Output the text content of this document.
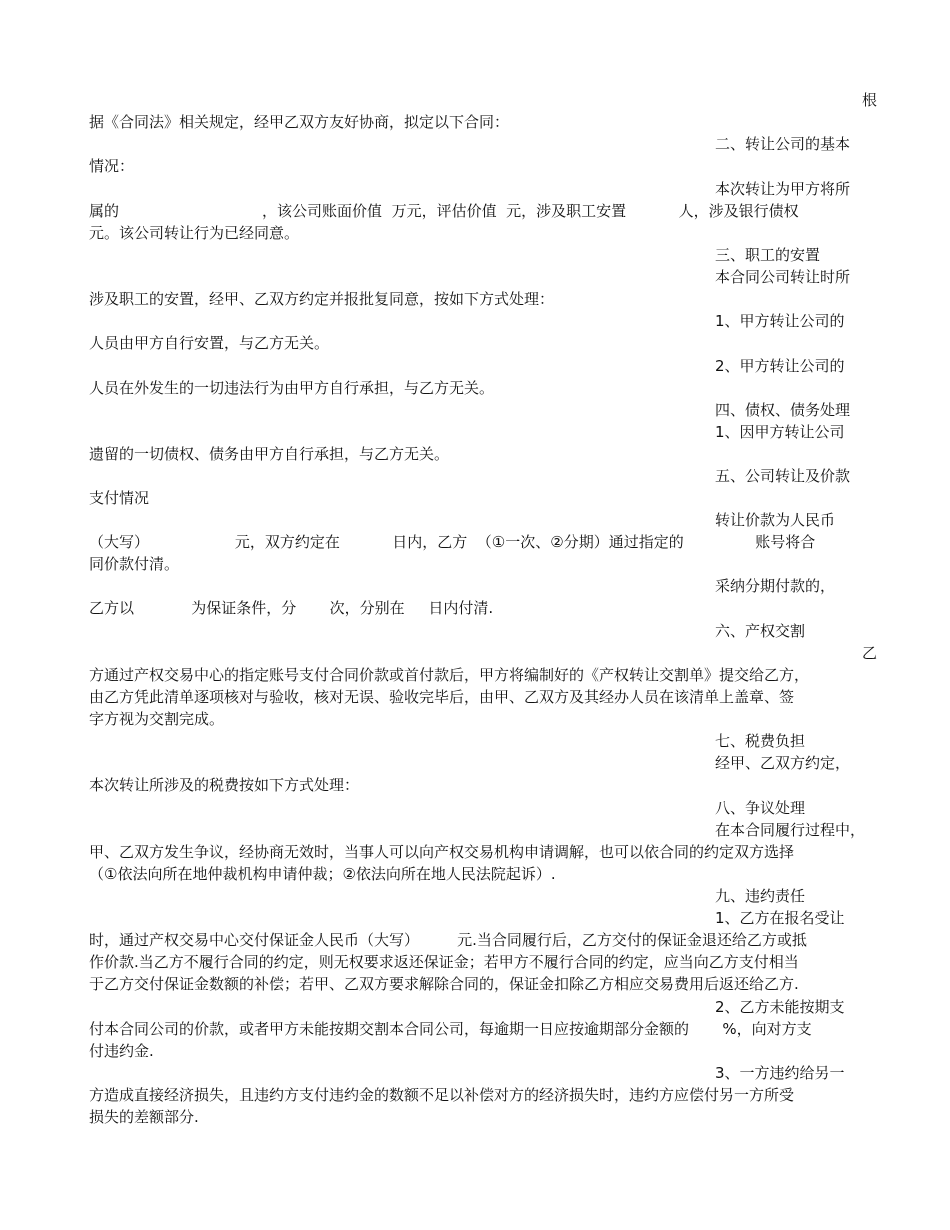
根
据《合同法》相关规定，经甲乙双方友好协商，拟定以下合同：
二、转让公司的基本
情况：
本次转让为甲方将所
属的                              ，该公司账面价值  万元，评估价值  元，涉及职工安置           人，涉及银行债权
元。该公司转让行为已经同意。
三、职工的安置
本合同公司转让时所
涉及职工的安置，经甲、乙双方约定并报批复同意，按如下方式处理：
1、甲方转让公司的
人员由甲方自行安置，与乙方无关。
2、甲方转让公司的
人员在外发生的一切违法行为由甲方自行承担，与乙方无关。
四、债权、债务处理
1、因甲方转让公司
遗留的一切债权、债务由甲方自行承担，与乙方无关。
五、公司转让及价款
支付情况
转让价款为人民币
（大写）                  元，双方约定在           日内，乙方  （①一次、②分期）通过指定的               账号将合
同价款付清。
采纳分期付款的，
乙方以            为保证条件，分       次，分别在     日内付清.
六、产权交割
乙
方通过产权交易中心的指定账号支付合同价款或首付款后，甲方将编制好的《产权转让交割单》提交给乙方，
由乙方凭此清单逐项核对与验收，核对无误、验收完毕后，由甲、乙双方及其经办人员在该清单上盖章、签
字方视为交割完成。
七、税费负担
经甲、乙双方约定，
本次转让所涉及的税费按如下方式处理：
八、争议处理
在本合同履行过程中，
甲、乙双方发生争议，经协商无效时，当事人可以向产权交易机构申请调解，也可以依合同的约定双方选择
（①依法向所在地仲裁机构申请仲裁；②依法向所在地人民法院起诉）.
九、违约责任
1、乙方在报名受让
时，通过产权交易中心交付保证金人民币（大写）        元.当合同履行后，乙方交付的保证金退还给乙方或抵
作价款.当乙方不履行合同的约定，则无权要求返还保证金；若甲方不履行合同的约定，应当向乙方支付相当
于乙方交付保证金数额的补偿；若甲、乙双方要求解除合同的，保证金扣除乙方相应交易费用后返还给乙方.
2、乙方未能按期支
付本合同公司的价款，或者甲方未能按期交割本合同公司，每逾期一日应按逾期部分金额的       %，向对方支
付违约金.
3、一方违约给另一
方造成直接经济损失，且违约方支付违约金的数额不足以补偿对方的经济损失时，违约方应偿付另一方所受
损失的差额部分.
